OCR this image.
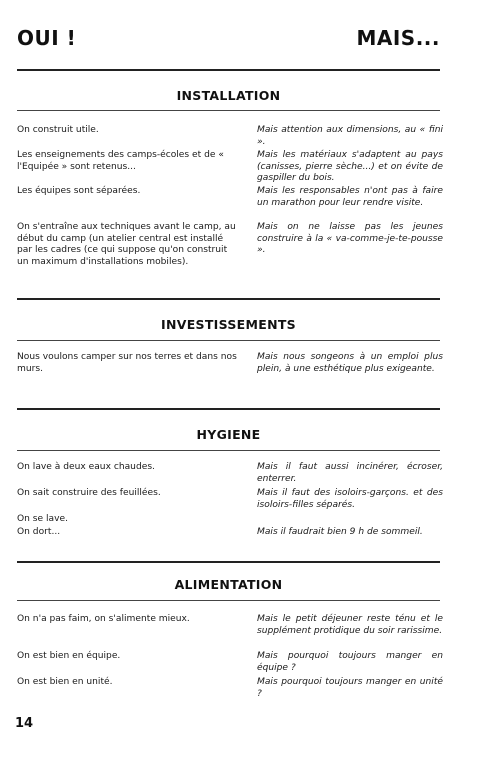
OUI !	MAIS...
INSTALLATION
On construit utile.
Les enseignements des camps-écoles et de « l'Equipée » sont retenus...
Les équipes sont séparées.
On s'entraîne aux techniques avant le camp, au début du camp (un atelier central est installé par les cadres (ce qui suppose qu'on construit un maximum d'installations mobiles).
Mais attention aux dimensions, au « fini ».
Mais les matériaux s'adaptent au pays (canisses, pierre sèche...) et on évite de gaspiller du bois.
Mais les responsables n'ont pas à faire un marathon pour leur rendre visite.
Mais on ne laisse pas les jeunes construire à la « va-comme-je-te-pousse ».
INVESTISSEMENTS
Nous voulons camper sur nos terres et dans nos murs.
Mais nous songeons à un emploi plus plein, à une esthétique plus exigeante.
HYGIENE
On lave à deux eaux chaudes.
On sait construire des feuillées.
On se lave.
On dort...
Mais il faut aussi incinérer, écroser, enterrer.
Mais il faut des isoloirs-garçons. et des isoloirs-filles séparés.
Mais il faudrait bien 9 h de sommeil.
ALIMENTATION
On n'a pas faim, on s'alimente mieux.
On est bien en équipe.
On est bien en unité.
Mais le petit déjeuner reste ténu et le supplément protidique du soir rarissime.
Mais pourquoi toujours manger en équipe ?
Mais pourquoi toujours manger en unité ?
14
